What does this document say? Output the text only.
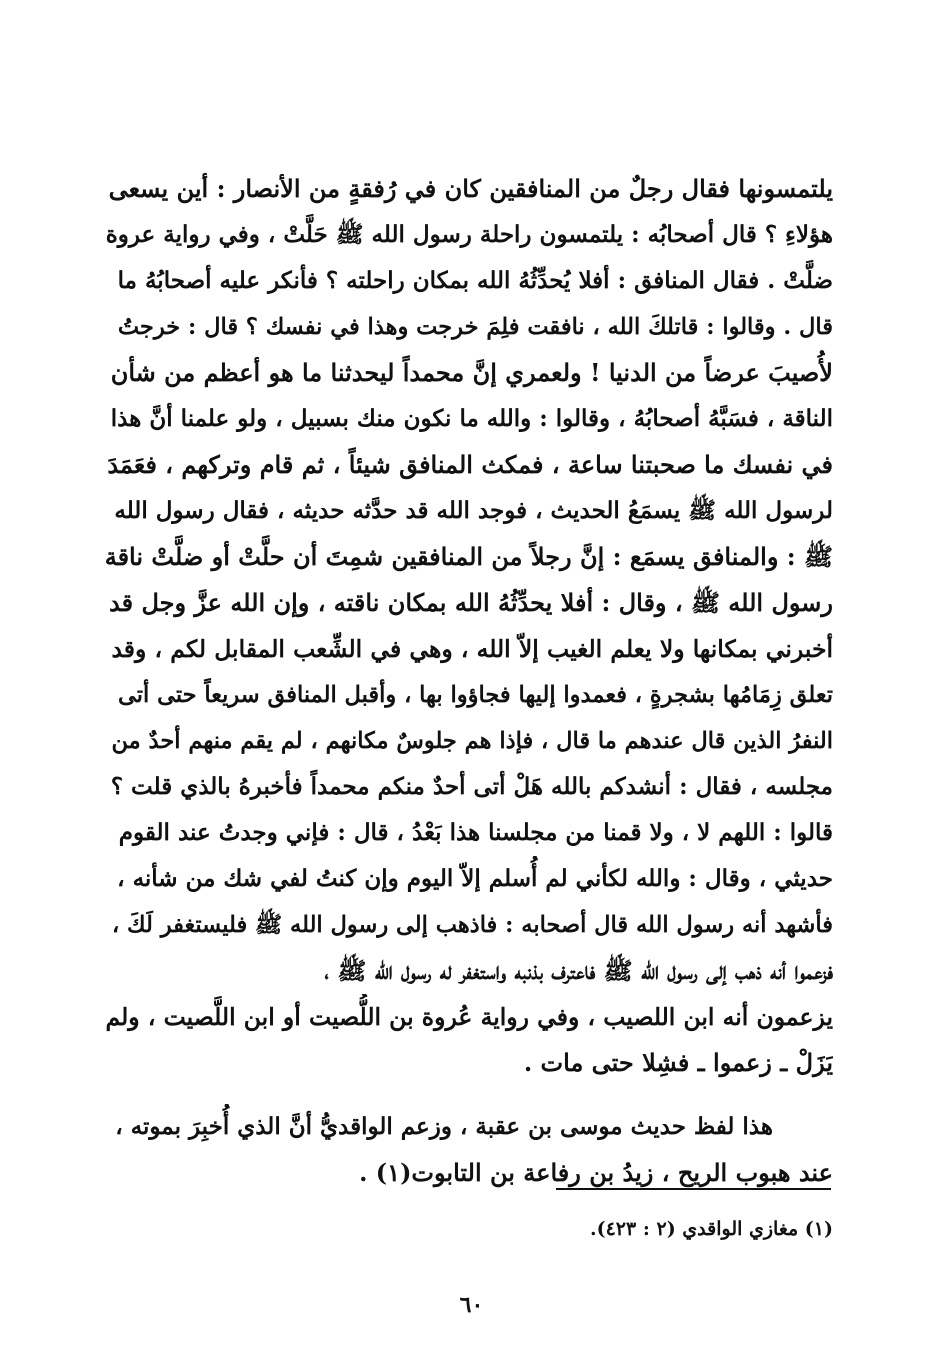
يلتمسونها فقال رجلٌ من المنافقين كان في رُفقةٍ من الأنصار : أين يسعى
هؤلاءِ ؟ قال أصحابُه : يلتمسون راحلة رسول الله ﷺ حَلَّتْ ، وفي رواية عروة
ضلَّتْ . فقال المنافق : أفلا يُحدِّثُهُ الله بمكان راحلته ؟ فأنكر عليه أصحابُهُ ما
قال . وقالوا : قاتلكَ الله ، نافقت فلِمَ خرجت وهذا في نفسك ؟ قال : خرجتُ
لأُصيبَ عرضاً من الدنيا ! ولعمري إنَّ محمداً ليحدثنا ما هو أعظم من شأن
الناقة ، فسَبَّهُ أصحابُهُ ، وقالوا : والله ما نكون منك بسبيل ، ولو علمنا أنَّ هذا
في نفسك ما صحبتنا ساعة ، فمكث المنافق شيئاً ، ثم قام وتركهم ، فعَمَدَ
لرسول الله ﷺ يسمَعُ الحديث ، فوجد الله قد حدَّثه حديثه ، فقال رسول الله
ﷺ : والمنافق يسمَع : إنَّ رجلاً من المنافقين شمِتَ أن حلَّتْ أو ضلَّتْ ناقة
رسول الله ﷺ ، وقال : أفلا يحدِّثُهُ الله بمكان ناقته ، وإن الله عزَّ وجل قد
أخبرني بمكانها ولا يعلم الغيب إلاّ الله ، وهي في الشِّعب المقابل لكم ، وقد
تعلق زِمَامُها بشجرةٍ ، فعمدوا إليها فجاؤوا بها ، وأقبل المنافق سريعاً حتى أتى
النفرُ الذين قال عندهم ما قال ، فإذا هم جلوسٌ مكانهم ، لم يقم منهم أحدٌ من
مجلسه ، فقال : أنشدكم بالله هَلْ أتى أحدٌ منكم محمداً فأخبرهُ بالذي قلت ؟
قالوا : اللهم لا ، ولا قمنا من مجلسنا هذا بَعْدُ ، قال : فإني وجدتُ عند القوم
حديثي ، وقال : والله لكأني لم أُسلم إلاّ اليوم وإن كنتُ لفي شك من شأنه ،
فأشهد أنه رسول الله قال أصحابه : فاذهب إلى رسول الله ﷺ فليستغفر لَكَ ،
فزعموا أنه ذهب إلى رسول الله ﷺ فاعترف بذنبه واستغفر له رسول الله ﷺ ،
يزعمون أنه ابن اللصيب ، وفي رواية عُروة بن اللُّصيت أو ابن اللَّصيت ، ولم
يَزَلْ ـ زعموا ـ فشِلا حتى مات .
هذا لفظ حديث موسى بن عقبة ، وزعم الواقديُّ أنَّ الذي أُخبِرَ بموته ،
عند هبوب الريح ، زيدُ بن رفاعة بن التابوت(١) .
(١) مغازي الواقدي (٢ : ٤٢٣).
٦٠
